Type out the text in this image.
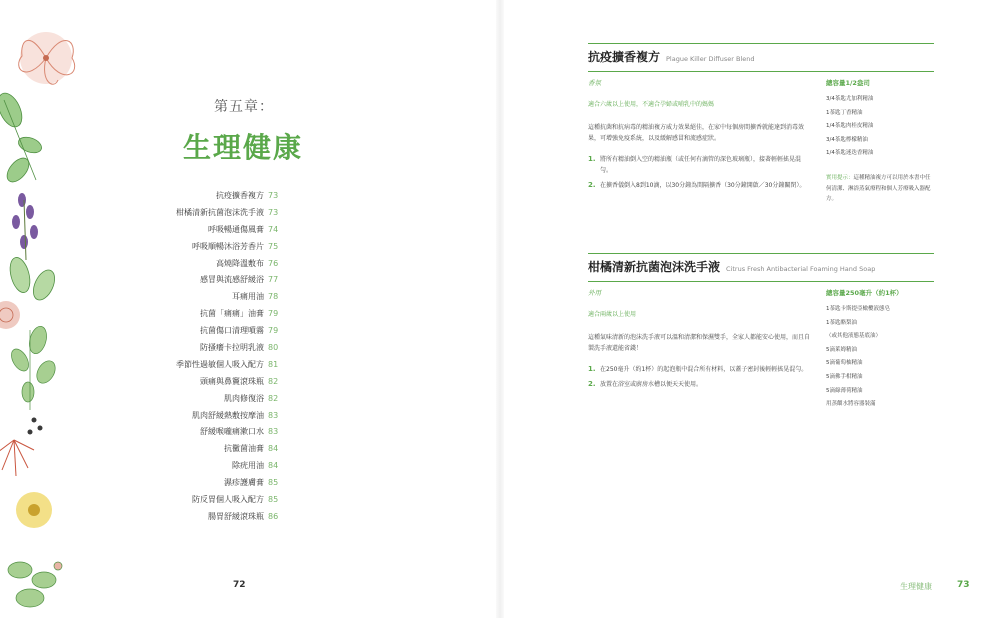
第五章：
生理健康
抗疫擴香複方 73
柑橘清新抗菌泡沫洗手液 73
呼吸暢通傷風膏 74
呼吸順暢沐浴芳香片 75
高燒降溫敷布 76
感冒與流感舒緩浴 77
耳痛用油 78
抗菌「痛痛」油膏 79
抗菌傷口清理噴霧 79
防搔癢卡拉明乳液 80
季節性過敏個人吸入配方 81
頭痛與鼻竇滾珠瓶 82
肌肉修復浴 82
肌肉舒緩熱敷按摩油 83
舒緩喉嚨痛漱口水 83
抗黴菌油膏 84
除疣用油 84
濕疹護膚膏 85
防反胃個人吸入配方 85
腸胃舒緩滾珠瓶 86
72
抗疫擴香複方 Plague Killer Diffuser Blend
香氛
適合六歲以上使用，不適合孕婦或哺乳中的媽媽
這種抗菌和抗病毒的精油複方威力效果絕佳，在家中每個房間擴香就能達到消毒效果，可增強免疫系統，以及緩解感冒和流感症狀。
1. 將所有精油倒入空的精油瓶（或任何有滴管的深色玻璃瓶），接著輕輕搖晃混勻。
2. 在擴香儀倒入8到10滴，以30分鐘為間隔擴香（30分鐘開啟／30分鐘關閉）。
總容量1/2盎司
3/4茶匙尤加利精油
1茶匙丁香精油
1/4茶匙肉桂皮精油
3/4茶匙檸檬精油
1/4茶匙迷迭香精油
實用提示：這種精油複方可以用於本書中任何清潔、淋浴蒸氣療程和個人芳療吸入器配方。
柑橘清新抗菌泡沫洗手液 Citrus Fresh Antibacterial Foaming Hand Soap
外用
適合兩歲以上使用
這種氣味清新的泡沫洗手液可以溫和清潔和保濕雙手，全家人都能安心使用，而且自製洗手液還能省錢！
1. 在250毫升（約1杯）的起泡瓶中混合所有材料，以蓋子密封後輕輕搖晃混勻。
2. 放置在浴室或廚房水槽以便天天使用。
總容量250毫升（約1杯）
1茶匙卡斯提亞橄欖液態皂
1茶匙酪梨油
（或其他液態基底油）
5滴萊姆精油
5滴葡萄柚精油
5滴佛手柑精油
5滴綠薄荷精油
用蒸餾水將容器裝滿
生理健康	73
